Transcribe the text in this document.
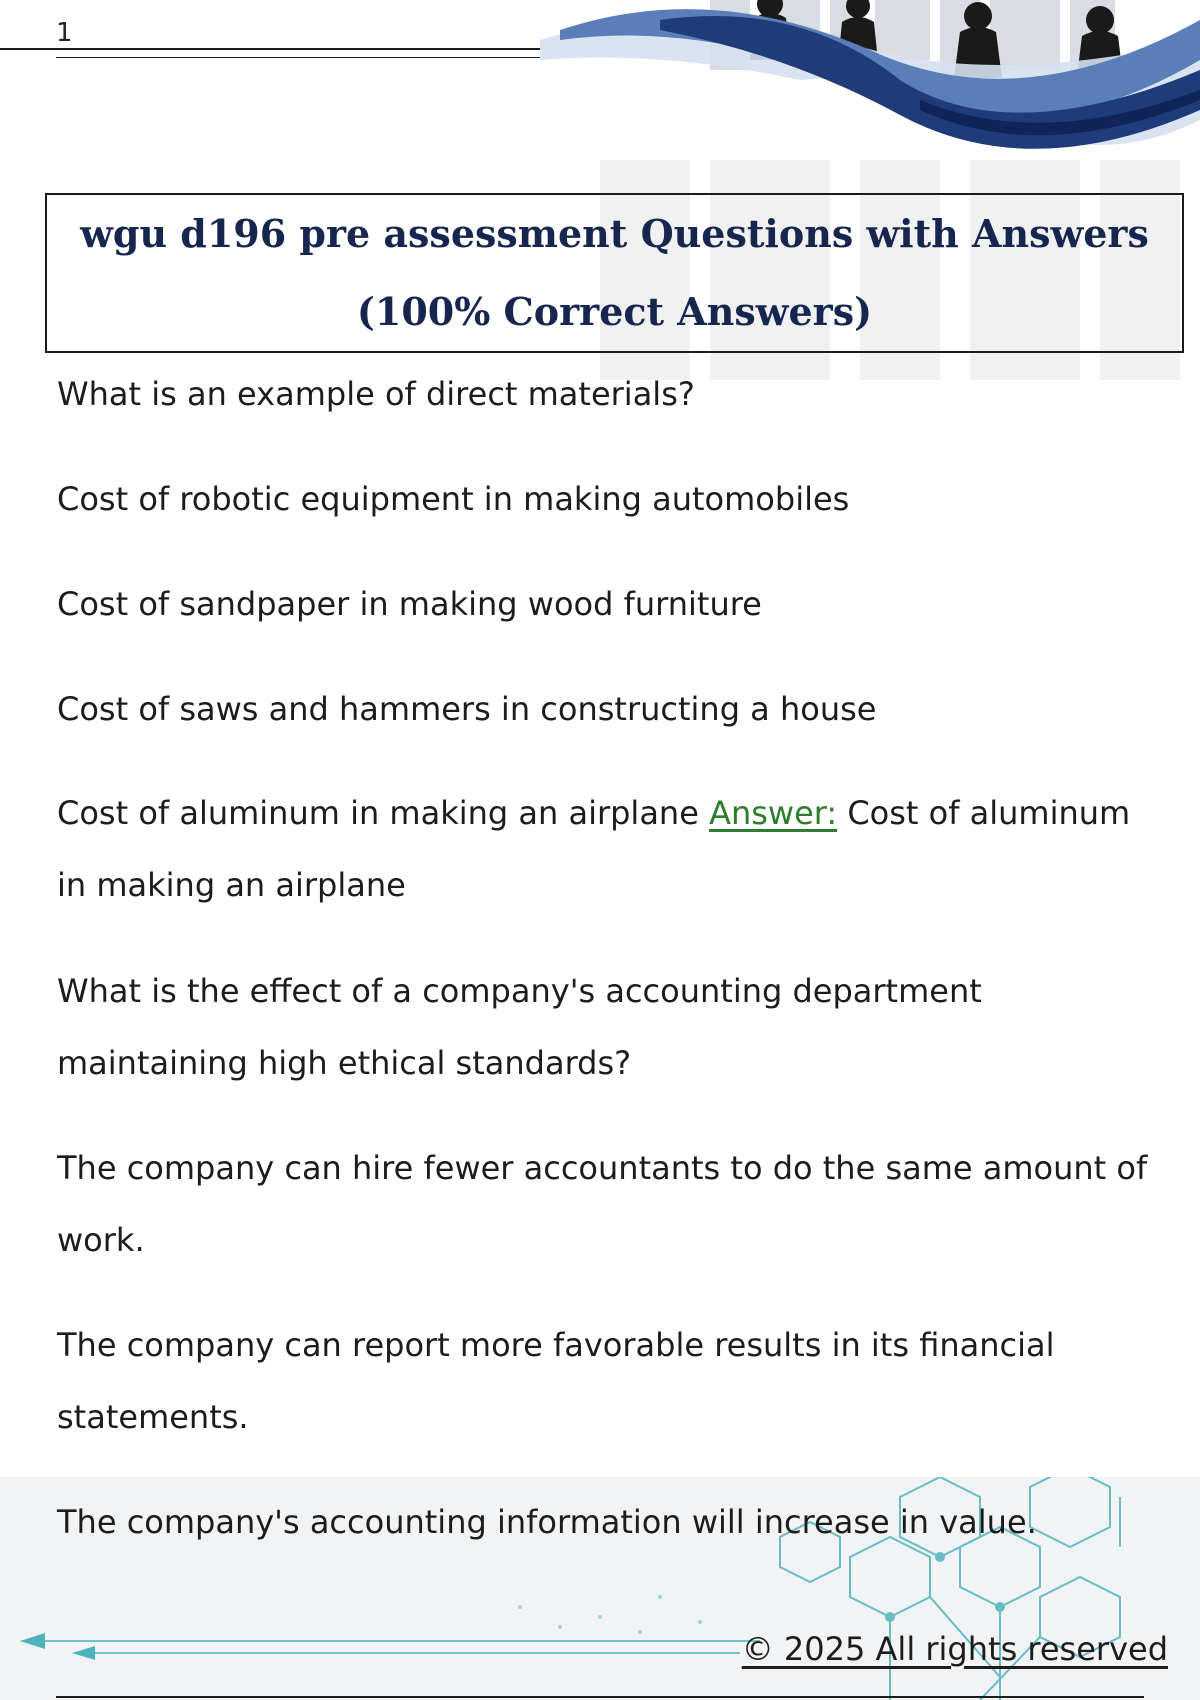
1
wgu d196 pre assessment Questions with Answers (100% Correct Answers)

What is an example of direct materials?

Cost of robotic equipment in making automobiles

Cost of sandpaper in making wood furniture

Cost of saws and hammers in constructing a house

Cost of aluminum in making an airplane Answer: Cost of aluminum in making an airplane

What is the effect of a company's accounting department maintaining high ethical standards?

The company can hire fewer accountants to do the same amount of work.

The company can report more favorable results in its financial statements.

The company's accounting information will increase in value.

© 2025 All rights reserved
